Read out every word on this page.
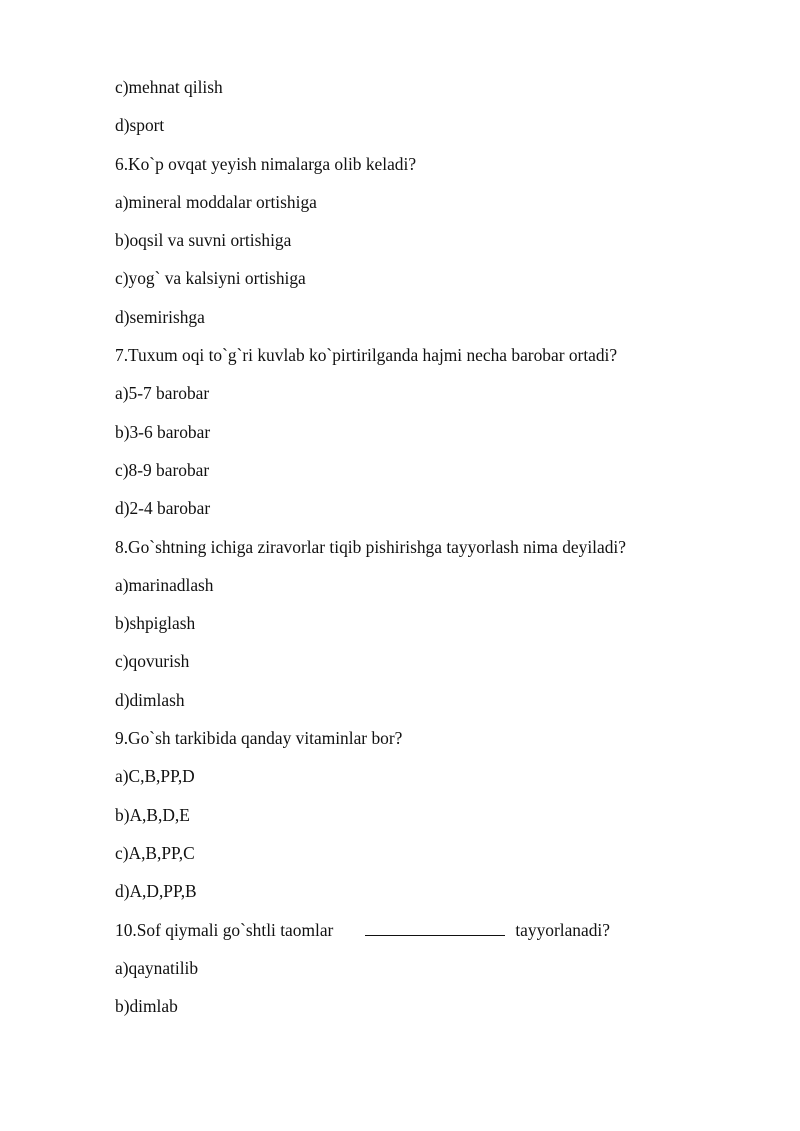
c)mehnat qilish
d)sport
6.Ko`p ovqat yeyish nimalarga olib keladi?
a)mineral moddalar ortishiga
b)oqsil va suvni ortishiga
c)yog` va kalsiyni ortishiga
d)semirishga
7.Tuxum oqi to`g`ri kuvlab ko`pirtirilganda hajmi necha barobar ortadi?
a)5-7 barobar
b)3-6 barobar
c)8-9 barobar
d)2-4 barobar
8.Go`shtning ichiga ziravorlar tiqib pishirishga tayyorlash nima deyiladi?
a)marinadlash
b)shpiglash
c)qovurish
d)dimlash
9.Go`sh tarkibida qanday vitaminlar bor?
a)C,B,PP,D
b)A,B,D,E
c)A,B,PP,C
d)A,D,PP,B
10.Sof qiymali go`shtli taomlar	tayyorlanadi?
a)qaynatilib
b)dimlab
